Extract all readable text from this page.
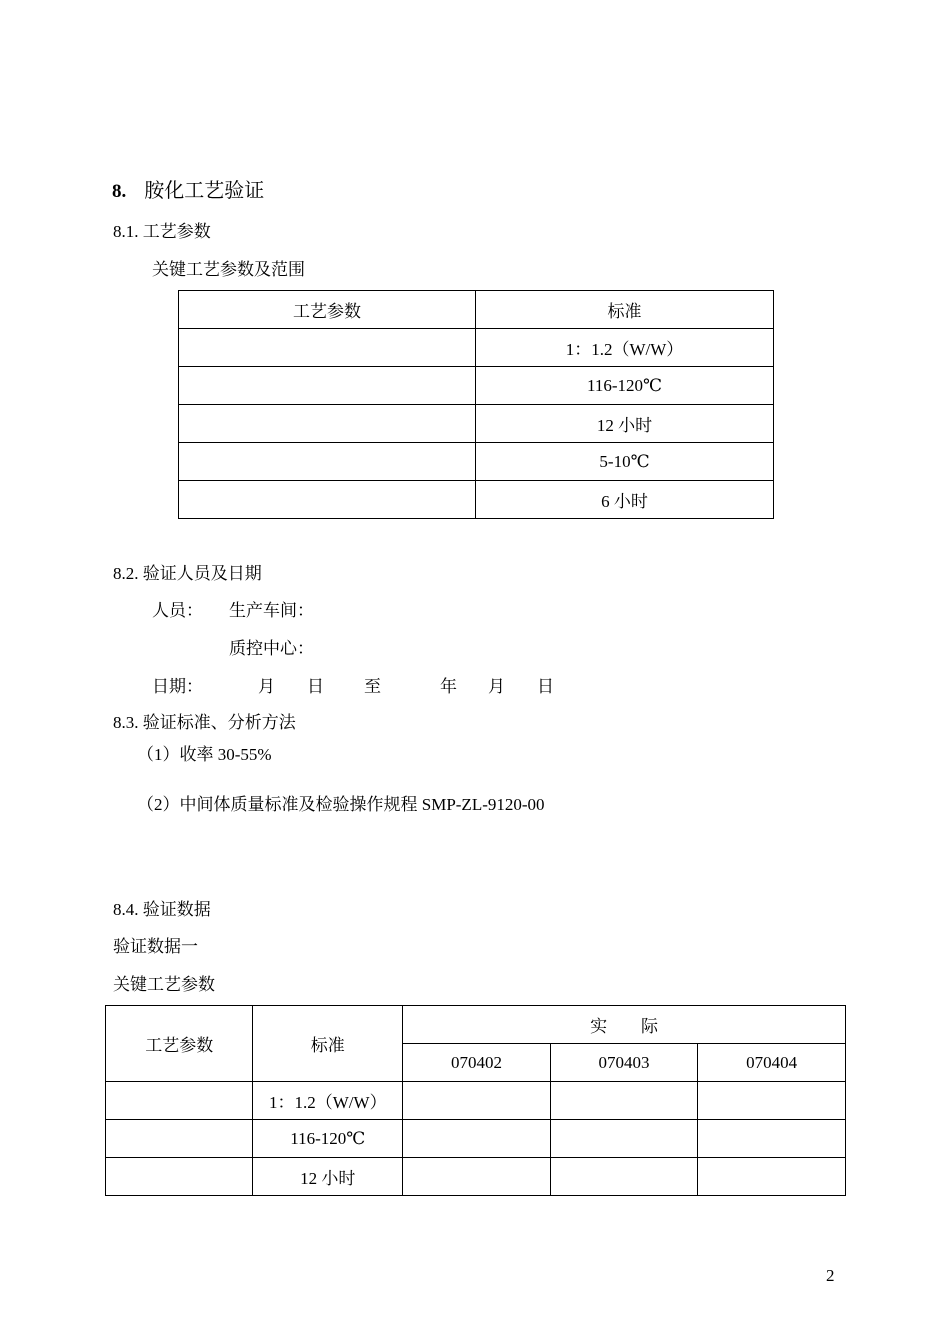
8. 胺化工艺验证
8.1. 工艺参数
关键工艺参数及范围
工艺参数	标准
	1：1.2（W/W）
	116-120℃
	12 小时
	5-10℃
	6 小时
8.2. 验证人员及日期
人员： 生产车间：
质控中心：
日期：	月 日 至	年 月 日
8.3. 验证标准、分析方法
（1）收率 30-55%
（2）中间体质量标准及检验操作规程 SMP-ZL-9120-00
8.4. 验证数据
验证数据一
关键工艺参数
工艺参数	标准	实　　际		
		070402	070403	070404
	1：1.2（W/W）			
	116-120℃			
	12 小时			
2
